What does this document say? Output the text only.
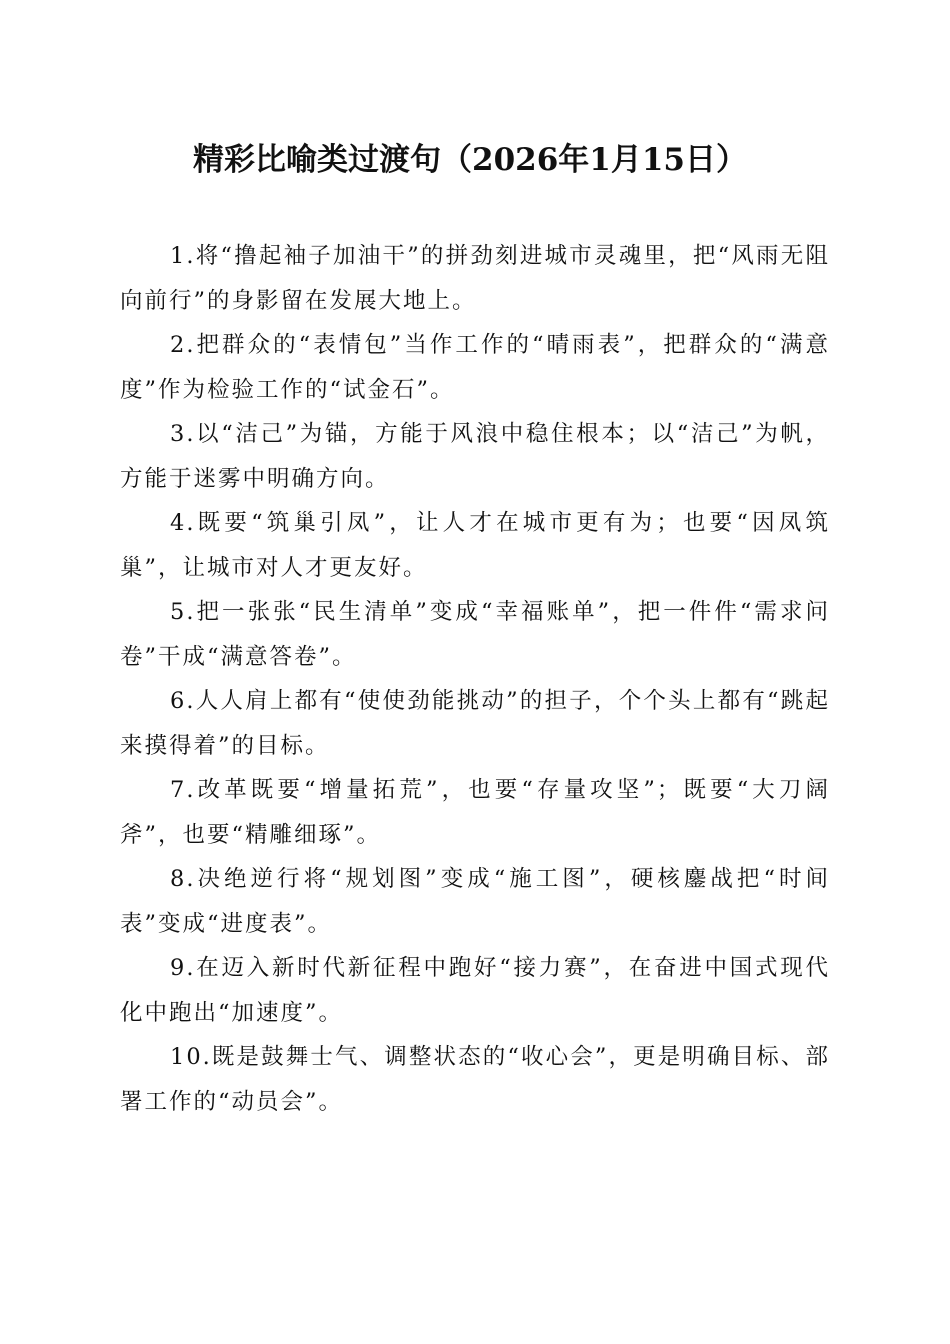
精彩比喻类过渡句（2026年1月15日）

1.将“撸起袖子加油干”的拼劲刻进城市灵魂里，把“风雨无阻向前行”的身影留在发展大地上。

2.把群众的“表情包”当作工作的“晴雨表”，把群众的“满意度”作为检验工作的“试金石”。

3.以“洁己”为锚，方能于风浪中稳住根本；以“洁己”为帆，方能于迷雾中明确方向。

4.既要“筑巢引凤”，让人才在城市更有为；也要“因凤筑巢”，让城市对人才更友好。

5.把一张张“民生清单”变成“幸福账单”，把一件件“需求问卷”干成“满意答卷”。

6.人人肩上都有“使使劲能挑动”的担子，个个头上都有“跳起来摸得着”的目标。

7.改革既要“增量拓荒”，也要“存量攻坚”；既要“大刀阔斧”，也要“精雕细琢”。

8.决绝逆行将“规划图”变成“施工图”，硬核鏖战把“时间表”变成“进度表”。

9.在迈入新时代新征程中跑好“接力赛”，在奋进中国式现代化中跑出“加速度”。

10.既是鼓舞士气、调整状态的“收心会”，更是明确目标、部署工作的“动员会”。
